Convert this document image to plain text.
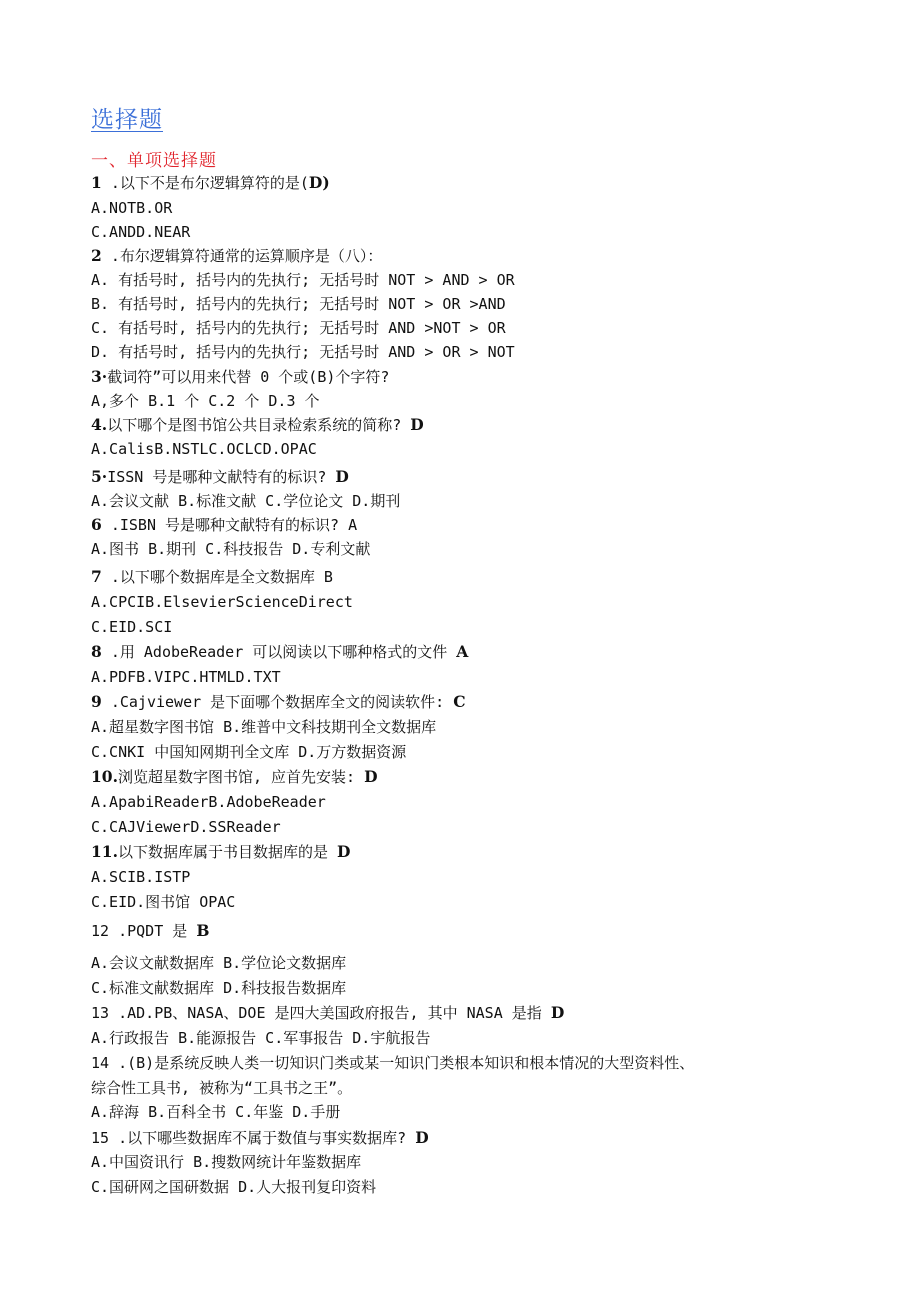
选择题
一、单项选择题
1 .以下不是布尔逻辑算符的是(D)
A.NOTB.OR
C.ANDD.NEAR
2 .布尔逻辑算符通常的运算顺序是（八）：
A. 有括号时, 括号内的先执行; 无括号时 NOT > AND > OR
B. 有括号时, 括号内的先执行; 无括号时 NOT > OR >AND
C. 有括号时, 括号内的先执行; 无括号时 AND >NOT > OR
D. 有括号时, 括号内的先执行; 无括号时 AND > OR > NOT
3·截词符”可以用来代替 0 个或(B)个字符?
A,多个 B.1 个 C.2 个 D.3 个
4.以下哪个是图书馆公共目录检索系统的简称? D
A.CalisB.NSTLC.OCLCD.OPAC
5·ISSN 号是哪种文献特有的标识? D
A.会议文献 B.标准文献 C.学位论文 D.期刊
6 .ISBN 号是哪种文献特有的标识? A
A.图书 B.期刊 C.科技报告 D.专利文献
7 .以下哪个数据库是全文数据库 B
A.CPCIB.ElsevierScienceDirect
C.EID.SCI
8 .用 AdobeReader 可以阅读以下哪种格式的文件 A
A.PDFB.VIPC.HTMLD.TXT
9 .Cajviewer 是下面哪个数据库全文的阅读软件: C
A.超星数字图书馆 B.维普中文科技期刊全文数据库
C.CNKI 中国知网期刊全文库 D.万方数据资源
10.浏览超星数字图书馆, 应首先安装: D
A.ApabiReaderB.AdobeReader
C.CAJViewerD.SSReader
11.以下数据库属于书目数据库的是 D
A.SCIB.ISTP
C.EID.图书馆 OPAC
12 .PQDT 是 B
A.会议文献数据库 B.学位论文数据库
C.标准文献数据库 D.科技报告数据库
13 .AD.PB、NASA、DOE 是四大美国政府报告, 其中 NASA 是指 D
A.行政报告 B.能源报告 C.军事报告 D.宇航报告
14 .(B)是系统反映人类一切知识门类或某一知识门类根本知识和根本情况的大型资料性、
综合性工具书, 被称为“工具书之王”。
A.辞海 B.百科全书 C.年鉴 D.手册
15 .以下哪些数据库不属于数值与事实数据库? D
A.中国资讯行 B.搜数网统计年鉴数据库
C.国研网之国研数据 D.人大报刊复印资料
